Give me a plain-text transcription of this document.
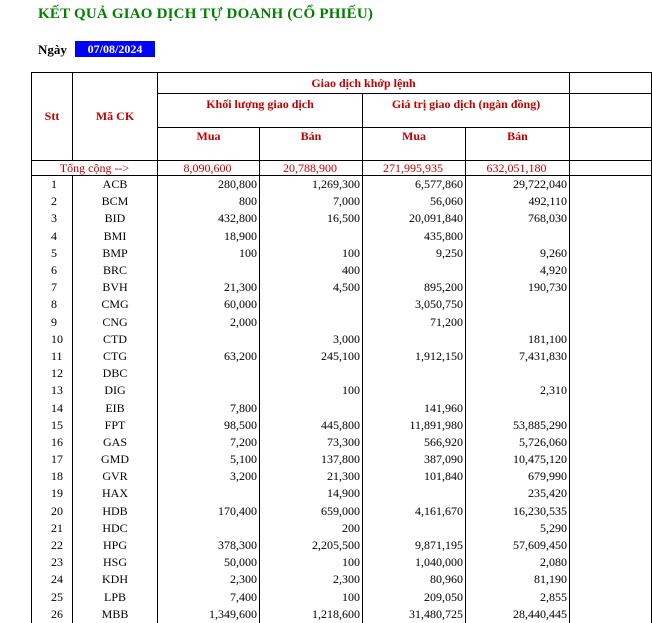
KẾT QUẢ GIAO DỊCH TỰ DOANH (CỔ PHIẾU)
Ngày	07/08/2024
Stt	Mã CK	Giao dịch khớp lệnh				
		Khối lượng giao dịch		Giá trị giao dịch (ngàn đồng)		
		Mua	Bán	Mua	Bán	
Tổng cộng -->		8,090,600	20,788,900	271,995,935	632,051,180	
1	ACB	280,800	1,269,300	6,577,860	29,722,040	
2	BCM	800	7,000	56,060	492,110	
3	BID	432,800	16,500	20,091,840	768,030	
4	BMI	18,900		435,800		
5	BMP	100	100	9,250	9,260	
6	BRC		400		4,920	
7	BVH	21,300	4,500	895,200	190,730	
8	CMG	60,000		3,050,750		
9	CNG	2,000		71,200		
10	CTD		3,000		181,100	
11	CTG	63,200	245,100	1,912,150	7,431,830	
12	DBC					
13	DIG		100		2,310	
14	EIB	7,800		141,960		
15	FPT	98,500	445,800	11,891,980	53,885,290	
16	GAS	7,200	73,300	566,920	5,726,060	
17	GMD	5,100	137,800	387,090	10,475,120	
18	GVR	3,200	21,300	101,840	679,990	
19	HAX		14,900		235,420	
20	HDB	170,400	659,000	4,161,670	16,230,535	
21	HDC		200		5,290	
22	HPG	378,300	2,205,500	9,871,195	57,609,450	
23	HSG	50,000	100	1,040,000	2,080	
24	KDH	2,300	2,300	80,960	81,190	
25	LPB	7,400	100	209,050	2,855	
26	MBB	1,349,600	1,218,600	31,480,725	28,440,445	
